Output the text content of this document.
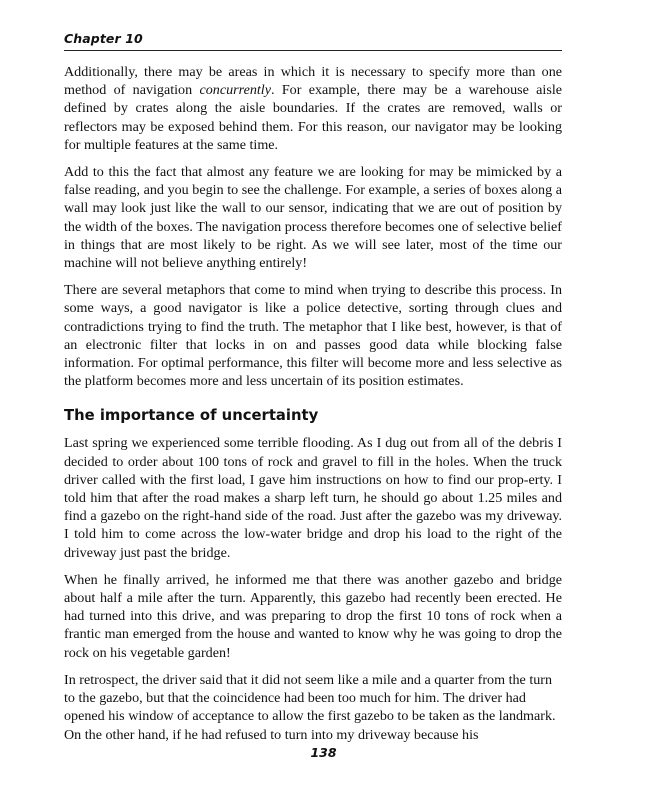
Chapter 10

Additionally, there may be areas in which it is necessary to specify more than one method of navigation concurrently. For example, there may be a warehouse aisle defined by crates along the aisle boundaries. If the crates are removed, walls or reflectors may be exposed behind them. For this reason, our navigator may be looking for multiple features at the same time.

Add to this the fact that almost any feature we are looking for may be mimicked by a false reading, and you begin to see the challenge. For example, a series of boxes along a wall may look just like the wall to our sensor, indicating that we are out of position by the width of the boxes. The navigation process therefore becomes one of selective belief in things that are most likely to be right. As we will see later, most of the time our machine will not believe anything entirely!

There are several metaphors that come to mind when trying to describe this process. In some ways, a good navigator is like a police detective, sorting through clues and contradictions trying to find the truth. The metaphor that I like best, however, is that of an electronic filter that locks in on and passes good data while blocking false information. For optimal performance, this filter will become more and less selective as the platform becomes more and less uncertain of its position estimates.

The importance of uncertainty

Last spring we experienced some terrible flooding. As I dug out from all of the debris I decided to order about 100 tons of rock and gravel to fill in the holes. When the truck driver called with the first load, I gave him instructions on how to find our prop-erty. I told him that after the road makes a sharp left turn, he should go about 1.25 miles and find a gazebo on the right-hand side of the road. Just after the gazebo was my driveway. I told him to come across the low-water bridge and drop his load to the right of the driveway just past the bridge.

When he finally arrived, he informed me that there was another gazebo and bridge about half a mile after the turn. Apparently, this gazebo had recently been erected. He had turned into this drive, and was preparing to drop the first 10 tons of rock when a frantic man emerged from the house and wanted to know why he was going to drop the rock on his vegetable garden!

In retrospect, the driver said that it did not seem like a mile and a quarter from the turn to the gazebo, but that the coincidence had been too much for him. The driver had opened his window of acceptance to allow the first gazebo to be taken as the landmark. On the other hand, if he had refused to turn into my driveway because his

138
